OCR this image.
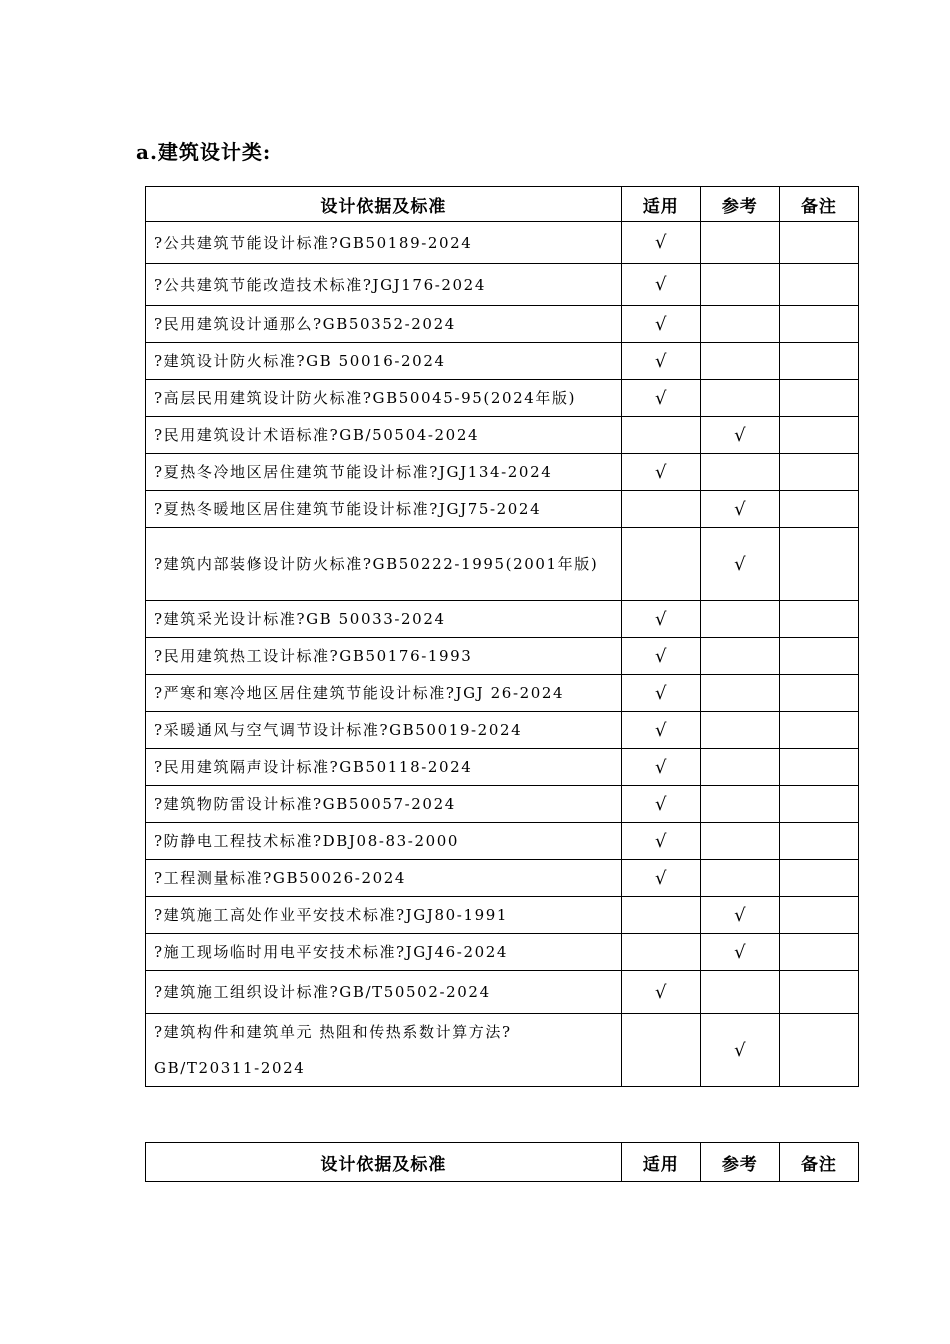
a.建筑设计类:
设计依据及标准	适用	参考	备注
?公共建筑节能设计标准?GB50189-2024	√		
?公共建筑节能改造技术标准?JGJ176-2024	√		
?民用建筑设计通那么?GB50352-2024	√		
?建筑设计防火标准?GB 50016-2024	√		
?高层民用建筑设计防火标准?GB50045-95(2024年版)	√		
?民用建筑设计术语标准?GB/50504-2024		√	
?夏热冬冷地区居住建筑节能设计标准?JGJ134-2024	√		
?夏热冬暖地区居住建筑节能设计标准?JGJ75-2024		√	
?建筑内部装修设计防火标准?GB50222-1995(2001年版)		√	
?建筑采光设计标准?GB 50033-2024	√		
?民用建筑热工设计标准?GB50176-1993	√		
?严寒和寒冷地区居住建筑节能设计标准?JGJ 26-2024	√		
?采暖通风与空气调节设计标准?GB50019-2024	√		
?民用建筑隔声设计标准?GB50118-2024	√		
?建筑物防雷设计标准?GB50057-2024	√		
?防静电工程技术标准?DBJ08-83-2000	√		
?工程测量标准?GB50026-2024	√		
?建筑施工高处作业平安技术标准?JGJ80-1991		√	
?施工现场临时用电平安技术标准?JGJ46-2024		√	
?建筑施工组织设计标准?GB/T50502-2024	√		
?建筑构件和建筑单元 热阻和传热系数计算方法?GB/T20311-2024		√	
设计依据及标准	适用	参考	备注
